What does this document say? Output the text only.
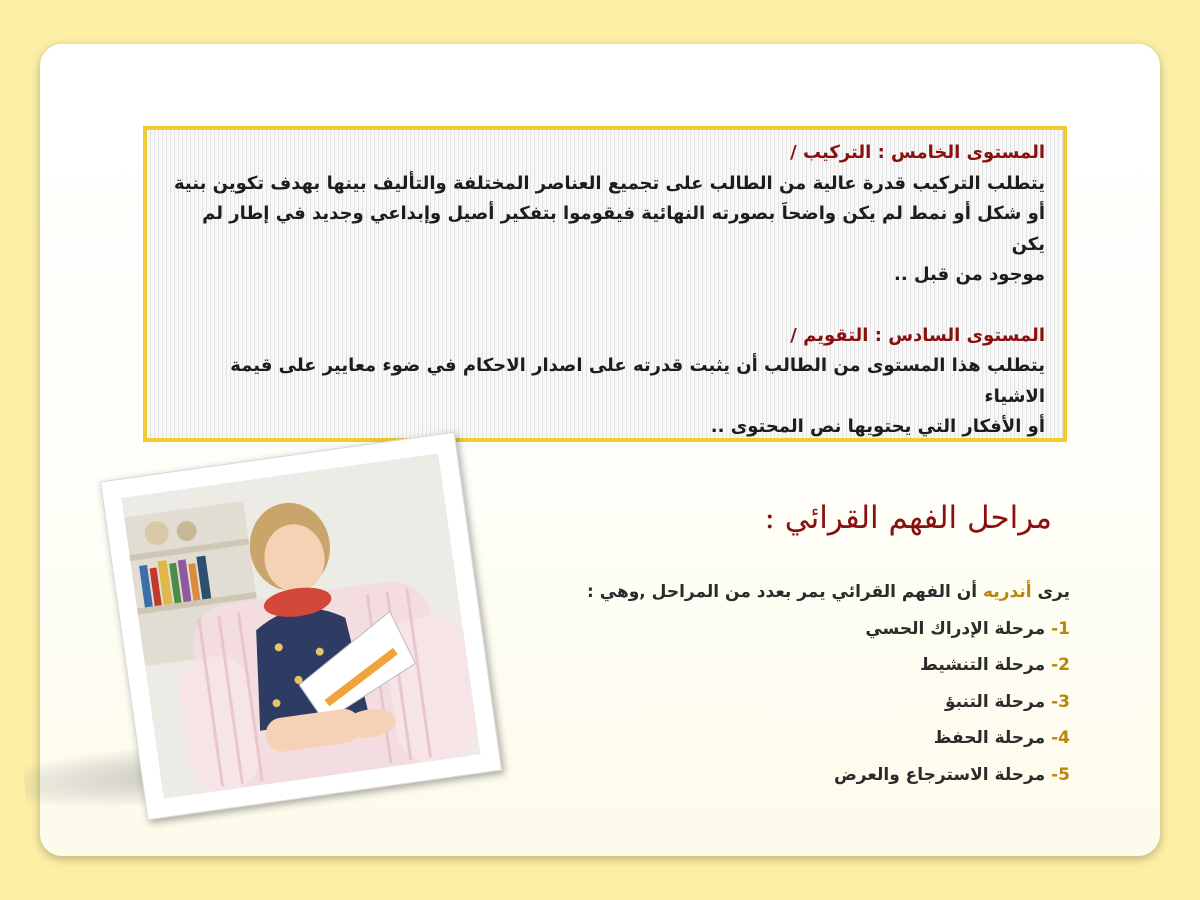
المستوى الخامس : التركيب /

يتطلب التركيب قدرة عالية من الطالب على تجميع العناصر المختلفة والتأليف بينها بهدف تكوين بنية

أو شكل أو نمط لم يكن واضحاَ بصورته النهائية فيقوموا بتفكير أصيل وإبداعي وجديد في إطار لم يكن

موجود من قبل ..

المستوى السادس : التقويم /

يتطلب هذا المستوى من الطالب أن يثبت قدرته على اصدار الاحكام في ضوء معايير على قيمة الاشياء

أو الأفكار التي يحتويها نص المحتوى ..

مراحل الفهم القرائي :
يرى أندريه أن الفهم القرائي يمر بعدد من المراحل ,وهي :
1- مرحلة الإدراك الحسي
2- مرحلة التنشيط
3- مرحلة التنبؤ
4- مرحلة الحفظ
5- مرحلة الاسترجاع والعرض
